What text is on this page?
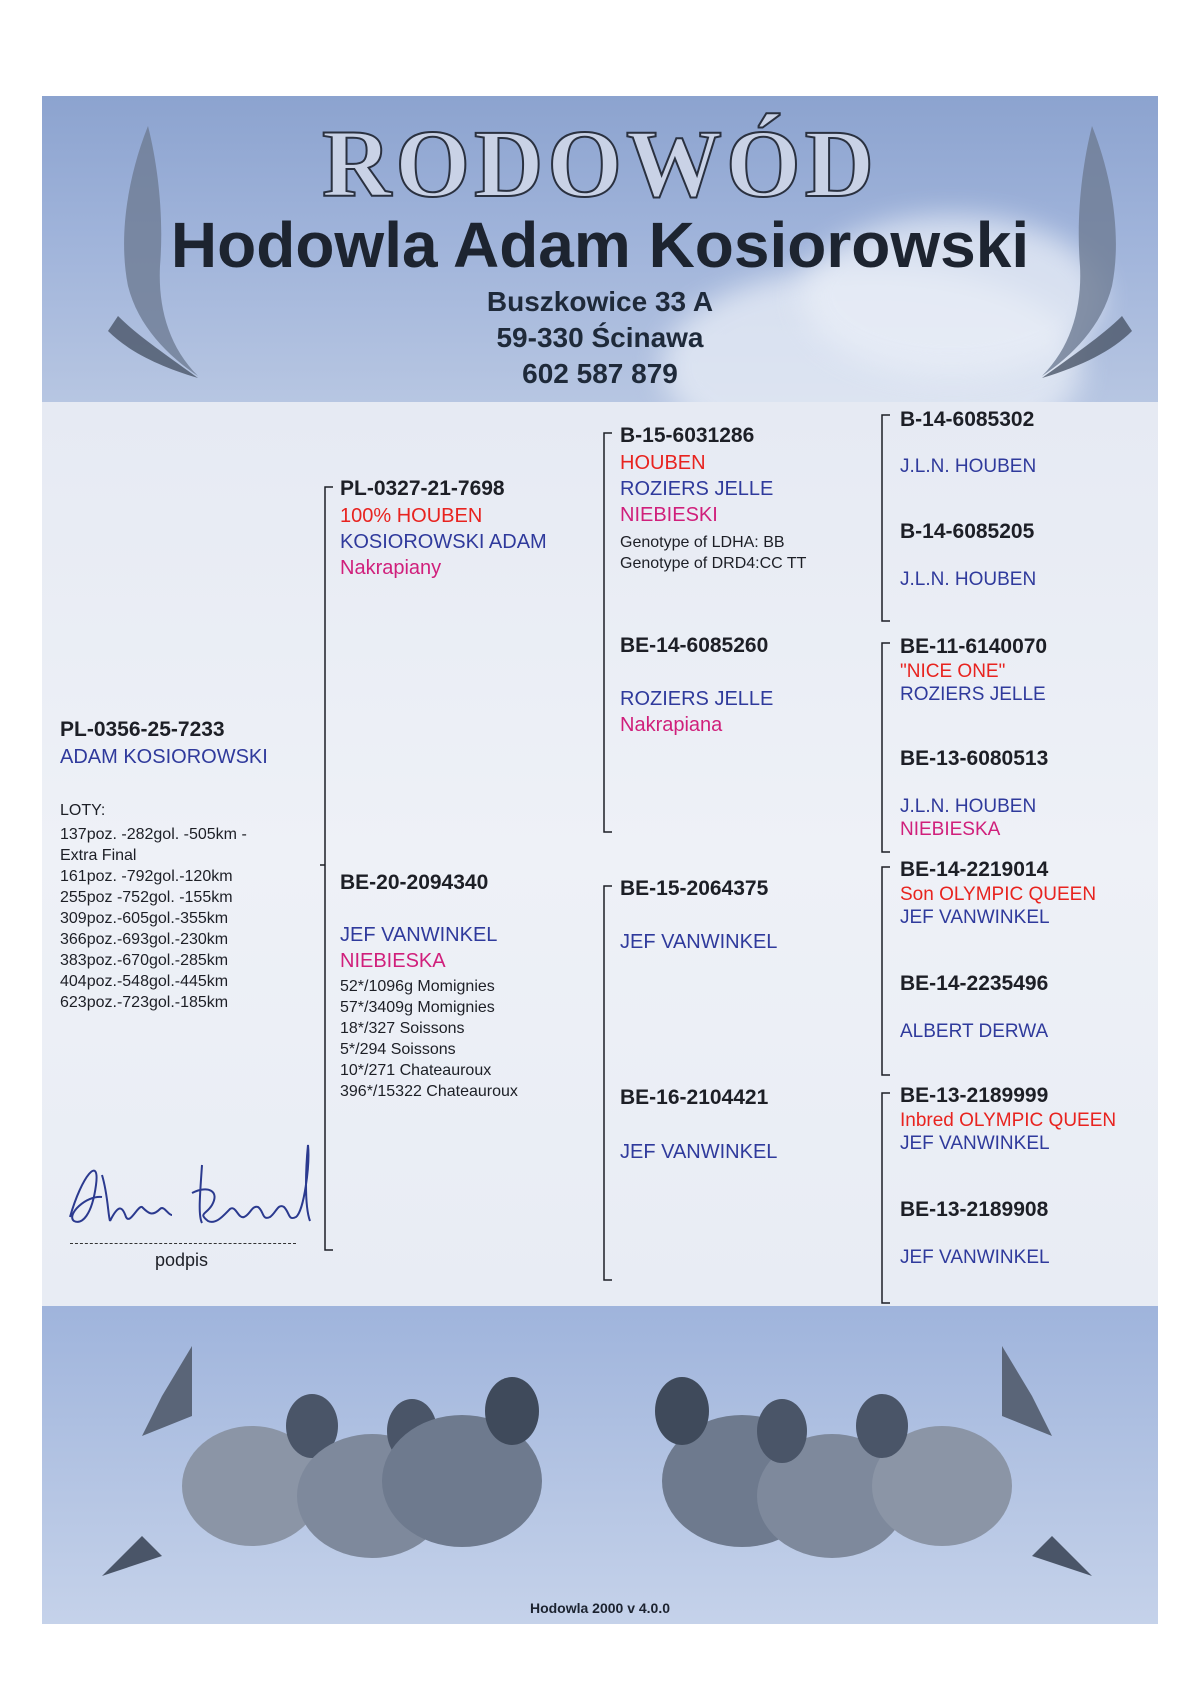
RODOWÓD
Hodowla Adam Kosiorowski
Buszkowice 33 A
59-330 Ścinawa
602 587 879
PL-0356-25-7233
ADAM KOSIOROWSKI
LOTY:
137poz. -282gol. -505km -
Extra Final
161poz. -792gol.-120km
255poz -752gol. -155km
309poz.-605gol.-355km
366poz.-693gol.-230km
383poz.-670gol.-285km
404poz.-548gol.-445km
623poz.-723gol.-185km
Adam Kosiorowski
podpis
PL-0327-21-7698
100% HOUBEN
KOSIOROWSKI ADAM
Nakrapiany
BE-20-2094340
JEF VANWINKEL
NIEBIESKA
52*/1096g Momignies
57*/3409g Momignies
18*/327 Soissons
5*/294 Soissons
10*/271 Chateauroux
396*/15322 Chateauroux
B-15-6031286
HOUBEN
ROZIERS JELLE
NIEBIESKI
Genotype of LDHA: BB
Genotype of DRD4:CC TT
BE-14-6085260
ROZIERS JELLE
Nakrapiana
BE-15-2064375
JEF VANWINKEL
BE-16-2104421
JEF VANWINKEL
B-14-6085302
J.L.N. HOUBEN
B-14-6085205
J.L.N. HOUBEN
BE-11-6140070
"NICE ONE"
ROZIERS JELLE
BE-13-6080513
J.L.N. HOUBEN
NIEBIESKA
BE-14-2219014
Son OLYMPIC QUEEN
JEF VANWINKEL
BE-14-2235496
ALBERT DERWA
BE-13-2189999
Inbred OLYMPIC QUEEN
JEF VANWINKEL
BE-13-2189908
JEF VANWINKEL
Hodowla 2000 v 4.0.0
